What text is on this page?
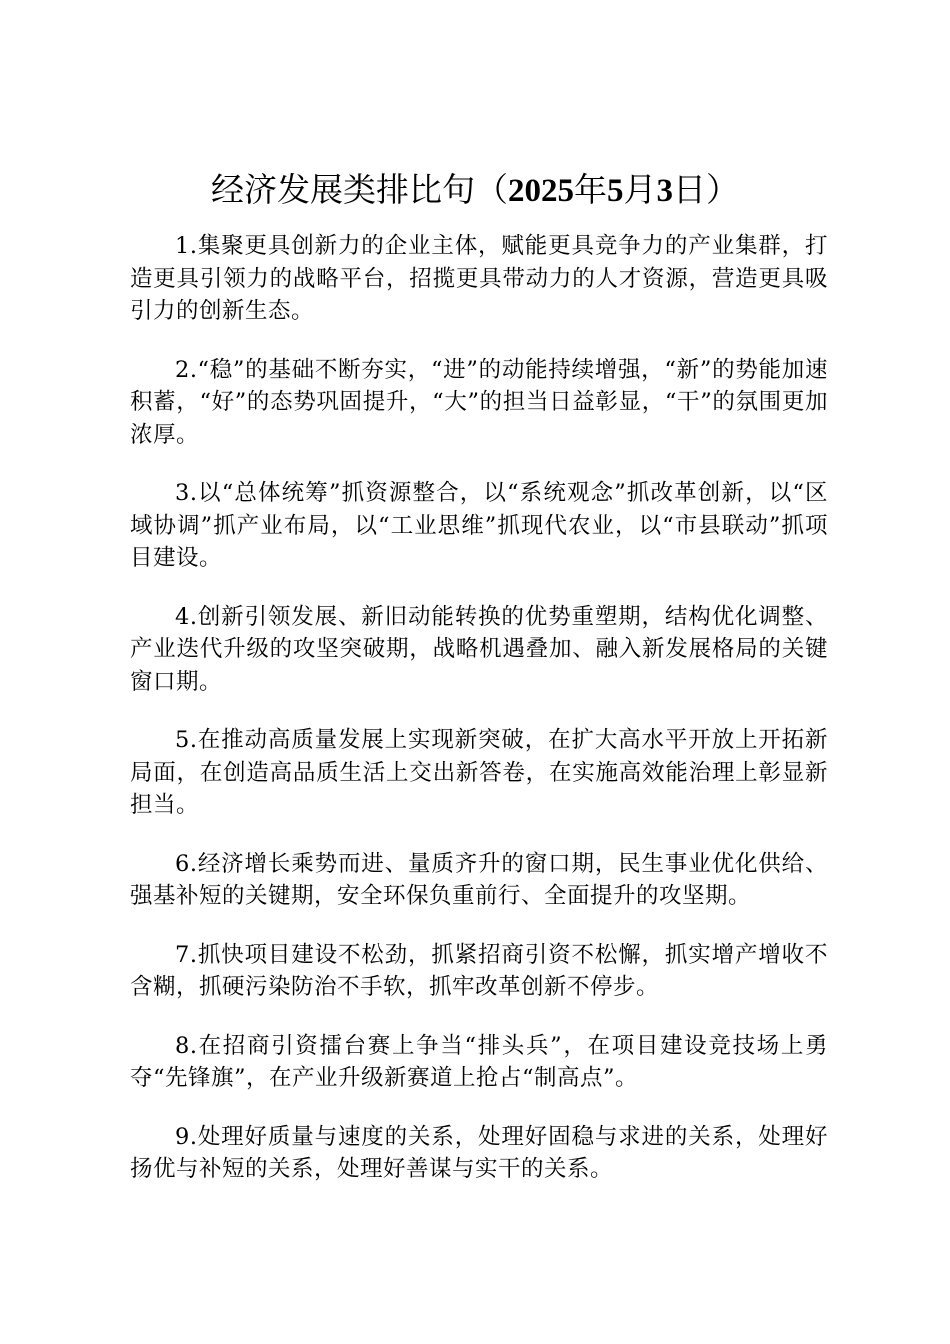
经济发展类排比句（2025年5月3日）

1.集聚更具创新力的企业主体，赋能更具竞争力的产业集群，打造更具引领力的战略平台，招揽更具带动力的人才资源，营造更具吸引力的创新生态。

2.“稳”的基础不断夯实，“进”的动能持续增强，“新”的势能加速积蓄，“好”的态势巩固提升，“大”的担当日益彰显，“干”的氛围更加浓厚。

3.以“总体统筹”抓资源整合，以“系统观念”抓改革创新，以“区域协调”抓产业布局，以“工业思维”抓现代农业，以“市县联动”抓项目建设。

4.创新引领发展、新旧动能转换的优势重塑期，结构优化调整、产业迭代升级的攻坚突破期，战略机遇叠加、融入新发展格局的关键窗口期。

5.在推动高质量发展上实现新突破，在扩大高水平开放上开拓新局面，在创造高品质生活上交出新答卷，在实施高效能治理上彰显新担当。

6.经济增长乘势而进、量质齐升的窗口期，民生事业优化供给、强基补短的关键期，安全环保负重前行、全面提升的攻坚期。

7.抓快项目建设不松劲，抓紧招商引资不松懈，抓实增产增收不含糊，抓硬污染防治不手软，抓牢改革创新不停步。

8.在招商引资擂台赛上争当“排头兵”，在项目建设竞技场上勇夺“先锋旗”，在产业升级新赛道上抢占“制高点”。

9.处理好质量与速度的关系，处理好固稳与求进的关系，处理好扬优与补短的关系，处理好善谋与实干的关系。
